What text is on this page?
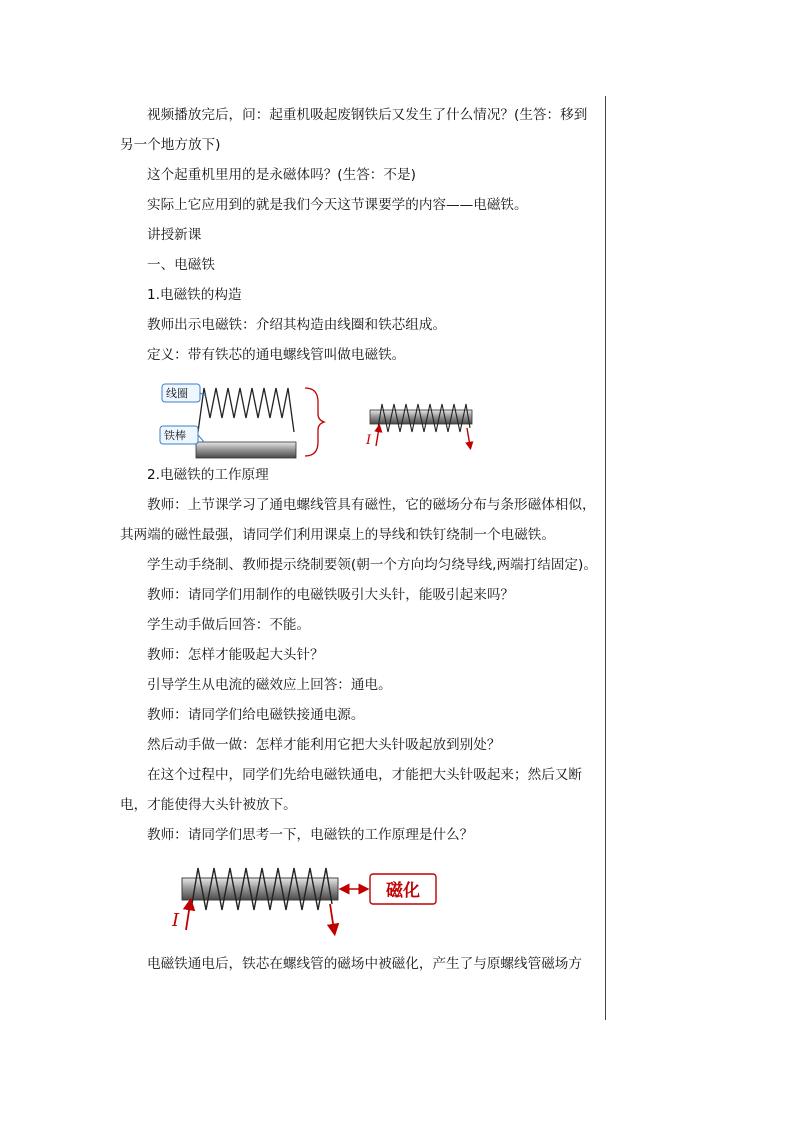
视频播放完后，问：起重机吸起废钢铁后又发生了什么情况？(生答：移到另一个地方放下)

这个起重机里用的是永磁体吗？(生答：不是)

实际上它应用到的就是我们今天这节课要学的内容——电磁铁。

讲授新课

一、电磁铁

1.电磁铁的构造

教师出示电磁铁：介绍其构造由线圈和铁芯组成。

定义：带有铁芯的通电螺线管叫做电磁铁。

线圈
铁棒	I

2.电磁铁的工作原理

教师：上节课学习了通电螺线管具有磁性，它的磁场分布与条形磁体相似，其两端的磁性最强，请同学们利用课桌上的导线和铁钉绕制一个电磁铁。

学生动手绕制、教师提示绕制要领(朝一个方向均匀绕导线,两端打结固定)。

教师：请同学们用制作的电磁铁吸引大头针，能吸引起来吗？

学生动手做后回答：不能。

教师：怎样才能吸起大头针？

引导学生从电流的磁效应上回答：通电。

教师：请同学们给电磁铁接通电源。

然后动手做一做：怎样才能利用它把大头针吸起放到别处？

在这个过程中，同学们先给电磁铁通电，才能把大头针吸起来；然后又断电，才能使得大头针被放下。

教师：请同学们思考一下，电磁铁的工作原理是什么？

I
磁化

电磁铁通电后，铁芯在螺线管的磁场中被磁化，产生了与原螺线管磁场方
